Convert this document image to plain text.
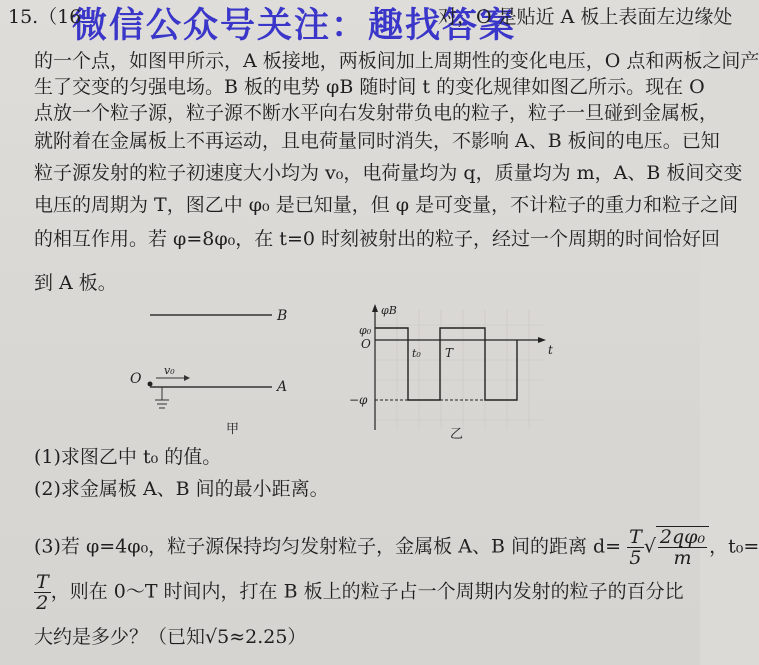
微信公众号关注：趣找答案
15.（16	对，O 是贴近 A 板上表面左边缘处
的一个点，如图甲所示，A 板接地，两板间加上周期性的变化电压，O 点和两板之间产
生了交变的匀强电场。B 板的电势 φB 随时间 t 的变化规律如图乙所示。现在 O
点放一个粒子源，粒子源不断水平向右发射带负电的粒子，粒子一旦碰到金属板，
就附着在金属板上不再运动，且电荷量同时消失，不影响 A、B 板间的电压。已知
粒子源发射的粒子初速度大小均为 v₀，电荷量均为 q，质量均为 m，A、B 板间交变
电压的周期为 T，图乙中 φ₀ 是已知量，但 φ 是可变量，不计粒子的重力和粒子之间
的相互作用。若 φ=8φ₀，在 t=0 时刻被射出的粒子，经过一个周期的时间恰好回
到 A 板。
B
A
O
v₀
甲
φB
φ₀
O
−φ
t
t₀ T
乙
(1)求图乙中 t₀ 的值。
(2)求金属板 A、B 间的最小距离。
(3)若 φ=4φ₀，粒子源保持均匀发射粒子，金属板 A、B 间的距离 $d= \frac{T}{5}$ √ $\frac{\text{2qφ₀}}{m}$ ，t₀=
$\frac{T}{2}$ ，则在 0～T 时间内，打在 B 板上的粒子占一个周期内发射的粒子的百分比
大约是多少？（已知√5≈2.25）
